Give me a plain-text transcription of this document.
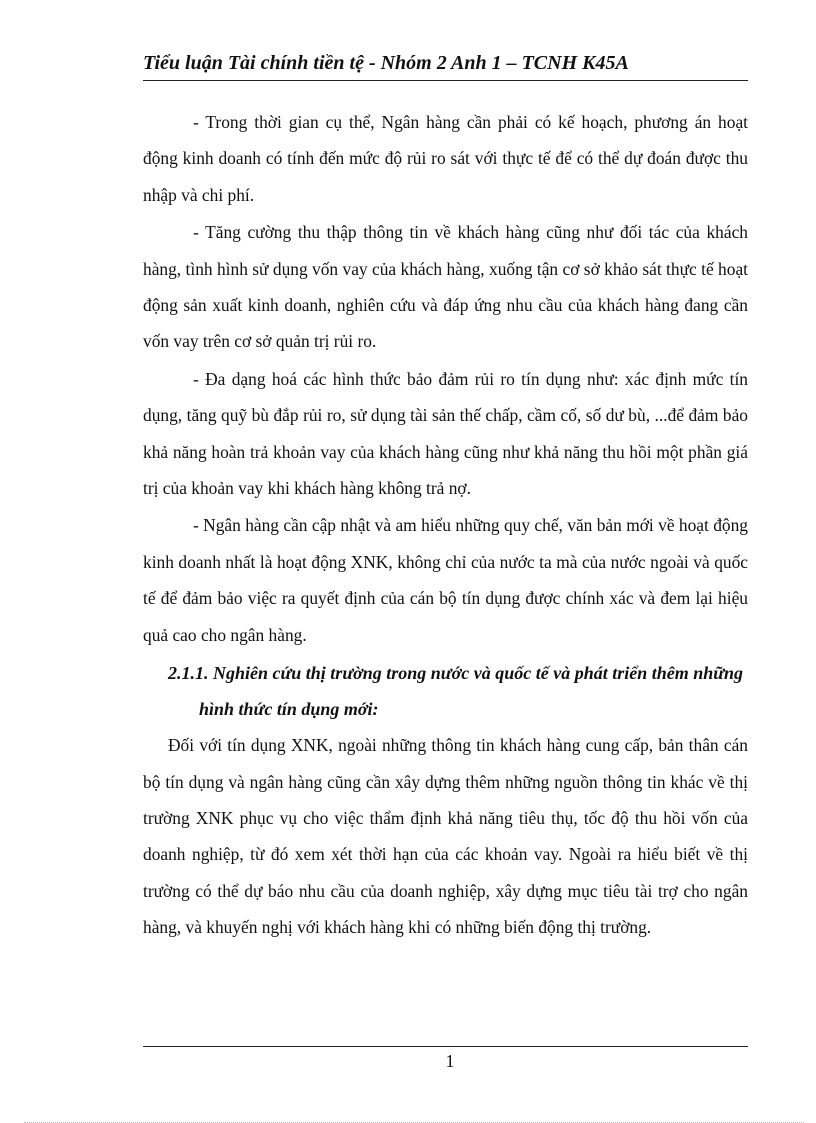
Tiểu luận Tài chính tiền tệ - Nhóm 2 Anh 1 – TCNH K45A

- Trong thời gian cụ thể, Ngân hàng cần phải có kế hoạch, phương án hoạt động kinh doanh có tính đến mức độ rủi ro sát với thực tế để có thể dự đoán được thu nhập và chi phí.

- Tăng cường thu thập thông tin về khách hàng cũng như đối tác của khách hàng, tình hình sử dụng vốn vay của khách hàng, xuống tận cơ sở khảo sát thực tế hoạt động sản xuất kinh doanh, nghiên cứu và đáp ứng nhu cầu của khách hàng đang cần vốn vay trên cơ sở quản trị rủi ro.

- Đa dạng hoá các hình thức bảo đảm rủi ro tín dụng như: xác định mức tín dụng, tăng quỹ bù đắp rủi ro, sử dụng tài sản thế chấp, cầm cố, số dư bù, ...để đảm bảo khả năng hoàn trả khoản vay của khách hàng cũng như khả năng thu hồi một phần giá trị của khoản vay khi khách hàng không trả nợ.

- Ngân hàng cần cập nhật và am hiểu những quy chế, văn bản mới về hoạt động kinh doanh nhất là hoạt động XNK, không chỉ của nước ta mà của nước ngoài và quốc tế để đảm bảo việc ra quyết định của cán bộ tín dụng được chính xác và đem lại hiệu quả cao cho ngân hàng.

2.1.1. Nghiên cứu thị trường trong nước và quốc tế và phát triển thêm những hình thức tín dụng mới:

Đối với tín dụng XNK, ngoài những thông tin khách hàng cung cấp, bản thân cán bộ tín dụng và ngân hàng cũng cần xây dựng thêm những nguồn thông tin khác về thị trường XNK phục vụ cho việc thẩm định khả năng tiêu thụ, tốc độ thu hồi vốn của doanh nghiệp, từ đó xem xét thời hạn của các khoản vay. Ngoài ra hiểu biết về thị trường có thể dự báo nhu cầu của doanh nghiệp, xây dựng mục tiêu tài trợ cho ngân hàng, và khuyến nghị với khách hàng khi có những biến động thị trường.

1
